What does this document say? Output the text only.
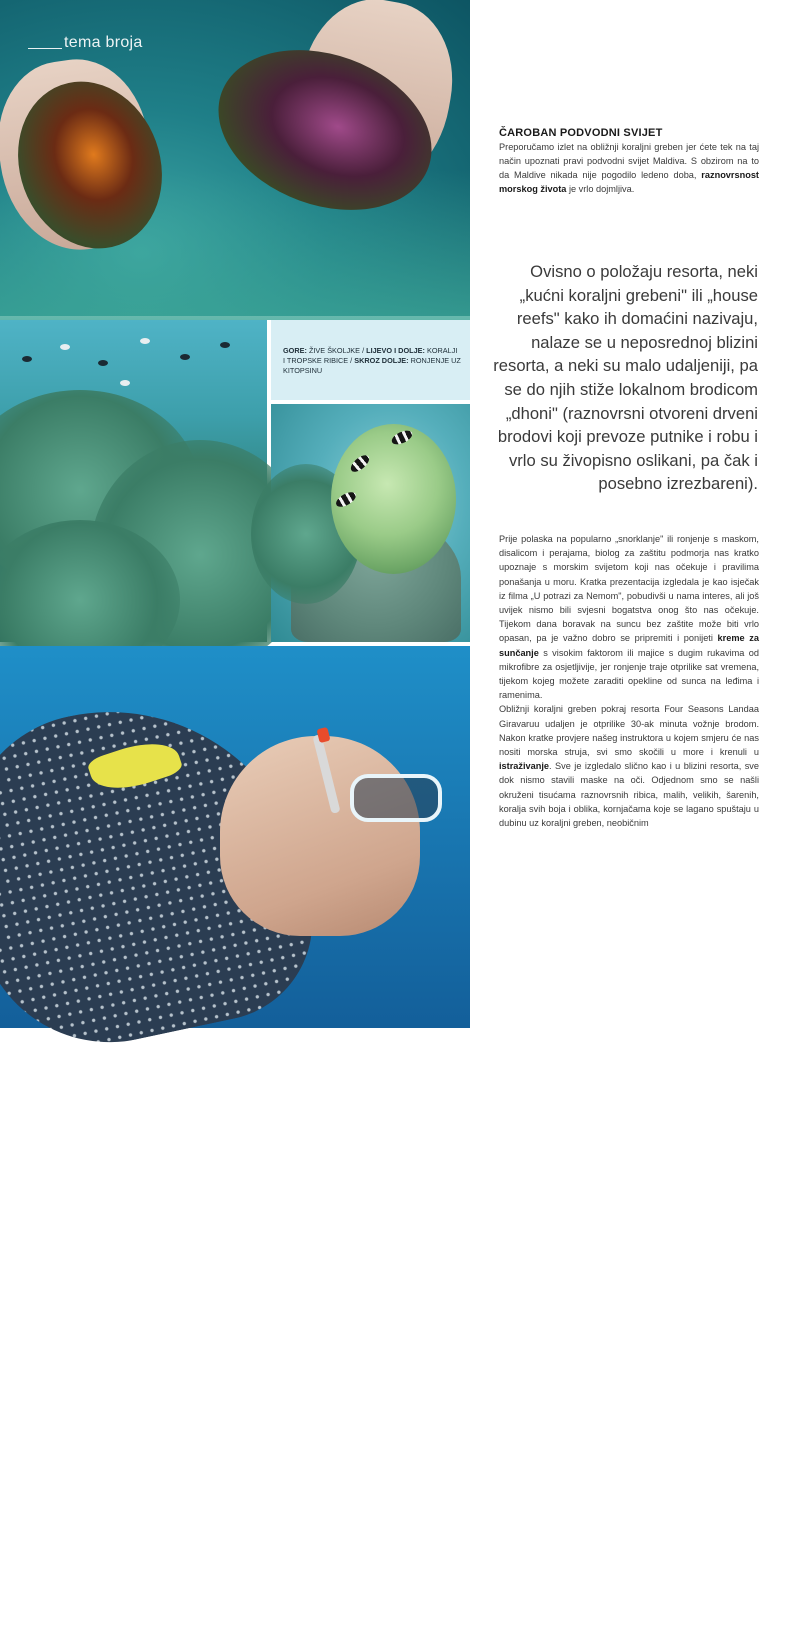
tema broja
GORE: ŽIVE ŠKOLJKE / LIJEVO I DOLJE: KORALJI I TROPSKE RIBICE / SKROZ DOLJE: RONJENJE UZ KITOPSINU
44 PUTOVANJA ZA DVOJE
ČAROBAN PODVODNI SVIJET

Preporučamo izlet na obližnji koraljni greben jer ćete tek na taj način upoznati pravi podvodni svijet Maldiva. S obzirom na to da Maldive nikada nije pogodilo ledeno doba, raznovrsnost morskog života je vrlo dojmljiva.

Ovisno o položaju resorta, neki „kućni koraljni grebeni" ili „house reefs" kako ih domaćini nazivaju, nalaze se u neposrednoj blizini resorta, a neki su malo udaljeniji, pa se do njih stiže lokalnom brodicom „dhoni" (raznovrsni otvoreni drveni brodovi koji prevoze putnike i robu i vrlo su živopisno oslikani, pa čak i posebno izrezbareni).

Prije polaska na popularno „snorklanje" ili ronjenje s maskom, disalicom i perajama, biolog za zaštitu podmorja nas kratko upoznaje s morskim svijetom koji nas očekuje i pravilima ponašanja u moru. Kratka prezentacija izgledala je kao isječak iz filma „U potrazi za Nemom", pobudivši u nama interes, ali još uvijek nismo bili svjesni bogatstva onog što nas očekuje. Tijekom dana boravak na suncu bez zaštite može biti vrlo opasan, pa je važno dobro se pripremiti i ponijeti kreme za sunčanje s visokim faktorom ili majice s dugim rukavima od mikrofibre za osjetljivije, jer ronjenje traje otprilike sat vremena, tijekom kojeg možete zaraditi opekline od sunca na leđima i ramenima.

Obližnji koraljni greben pokraj resorta Four Seasons Landaa Giravaruu udaljen je otprilike 30-ak minuta vožnje brodom. Nakon kratke provjere našeg instruktora u kojem smjeru će nas nositi morska struja, svi smo skočili u more i krenuli u istraživanje. Sve je izgledalo slično kao i u blizini resorta, sve dok nismo stavili maske na oči. Odjednom smo se našli okruženi tisućama raznovrsnih ribica, malih, velikih, šarenih, koralja svih boja i oblika, kornjačama koje se lagano spuštaju u dubinu uz koraljni greben, neobičnim
